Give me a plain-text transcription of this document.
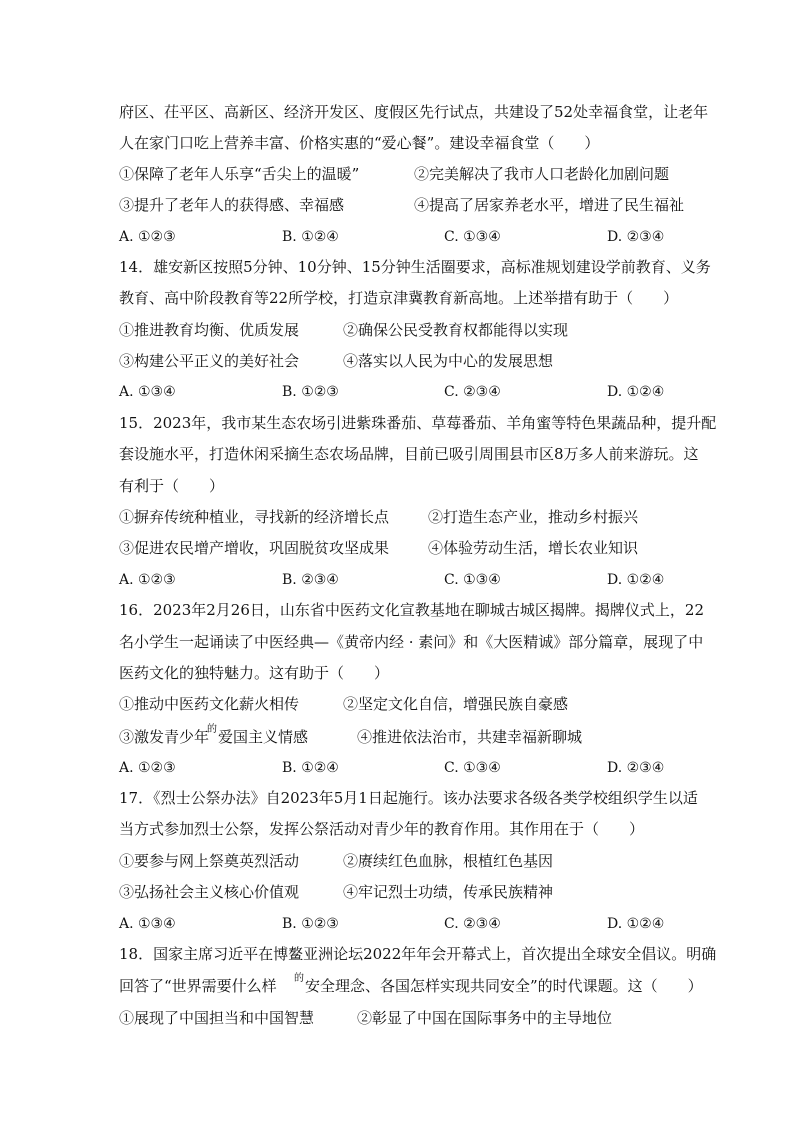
府区、茌平区、高新区、经济开发区、度假区先行试点，共建设了52处幸福食堂，让老年
人在家门口吃上营养丰富、价格实惠的“爱心餐”。建设幸福食堂（　　）
①保障了老年人乐享“舌尖上的温暖”	②完美解决了我市人口老龄化加剧问题
③提升了老年人的获得感、幸福感	④提高了居家养老水平，增进了民生福祉
A. ①②③	B. ①②④	C. ①③④	D. ②③④
14．雄安新区按照5分钟、10分钟、15分钟生活圈要求，高标准规划建设学前教育、义务
教育、高中阶段教育等22所学校，打造京津冀教育新高地。上述举措有助于（　　）
①推进教育均衡、优质发展	②确保公民受教育权都能得以实现
③构建公平正义的美好社会	④落实以人民为中心的发展思想
A. ①③④	B. ①②③	C. ②③④	D. ①②④
15．2023年，我市某生态农场引进紫珠番茄、草莓番茄、羊角蜜等特色果蔬品种，提升配
套设施水平，打造休闲采摘生态农场品牌，目前已吸引周围县市区8万多人前来游玩。这
有利于（　　）
①摒弃传统种植业，寻找新的经济增长点	②打造生态产业，推动乡村振兴
③促进农民增产增收，巩固脱贫攻坚成果	④体验劳动生活，增长农业知识
A. ①②③	B. ②③④	C. ①③④	D. ①②④
16．2023年2月26日，山东省中医药文化宣教基地在聊城古城区揭牌。揭牌仪式上，22
名小学生一起诵读了中医经典—《黄帝内经 · 素问》和《大医精诚》部分篇章，展现了中
医药文化的独特魅力。这有助于（　　）
①推动中医药文化薪火相传	②坚定文化自信，增强民族自豪感
③激发青少年
的 爱国主义情感	④推进依法治市，共建幸福新聊城
A. ①②③	B. ①②④	C. ①③④	D. ②③④
17．《烈士公祭办法》自2023年5月1日起施行。该办法要求各级各类学校组织学生以适
当方式参加烈士公祭，发挥公祭活动对青少年的教育作用。其作用在于（　　）
①要参与网上祭奠英烈活动	②赓续红色血脉，根植红色基因
③弘扬社会主义核心价值观	④牢记烈士功绩，传承民族精神
A. ①③④	B. ①②③	C. ②③④	D. ①②④
18．国家主席习近平在博鳌亚洲论坛2022年年会开幕式上，首次提出全球安全倡议。明确
回答了“世界需要什么样 的 安全理念、各国怎样实现共同安全”的时代课题。这（　　）
①展现了中国担当和中国智慧	②彰显了中国在国际事务中的主导地位
